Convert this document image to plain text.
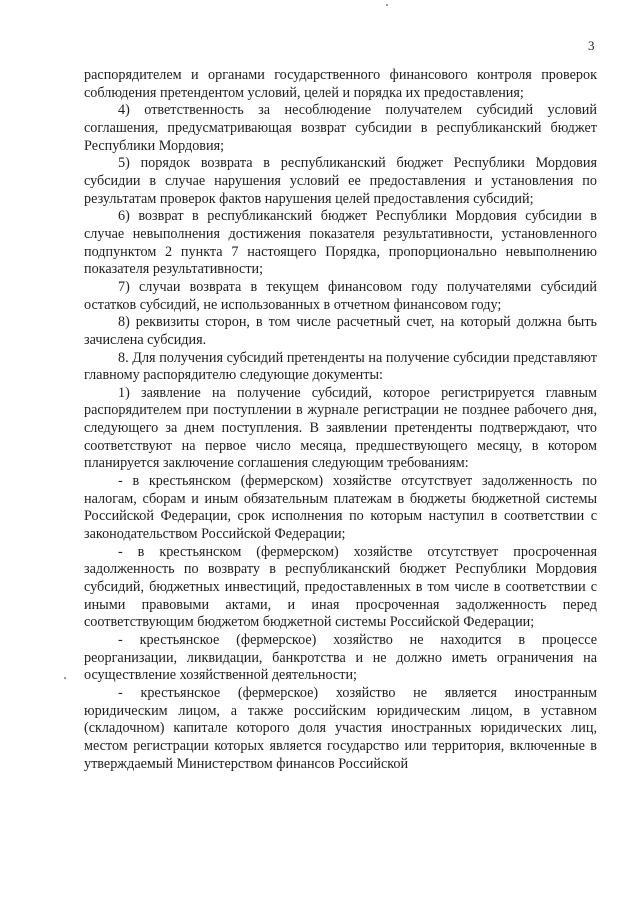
3

распорядителем и органами государственного финансового контроля проверок соблюдения претендентом условий, целей и порядка их предоставления;

4) ответственность за несоблюдение получателем субсидий условий соглашения, предусматривающая возврат субсидии в республиканский бюджет Республики Мордовия;

5) порядок возврата в республиканский бюджет Республики Мордовия субсидии в случае нарушения условий ее предоставления и установления по результатам проверок фактов нарушения целей предоставления субсидий;

6) возврат в республиканский бюджет Республики Мордовия субсидии в случае невыполнения достижения показателя результативности, установленного подпунктом 2 пункта 7 настоящего Порядка, пропорционально невыполнению показателя результативности;

7) случаи возврата в текущем финансовом году получателями субсидий остатков субсидий, не использованных в отчетном финансовом году;

8) реквизиты сторон, в том числе расчетный счет, на который должна быть зачислена субсидия.

8. Для получения субсидий претенденты на получение субсидии представляют главному распорядителю следующие документы:

1) заявление на получение субсидий, которое регистрируется главным распорядителем при поступлении в журнале регистрации не позднее рабочего дня, следующего за днем поступления. В заявлении претенденты подтверждают, что соответствуют на первое число месяца, предшествующего месяцу, в котором планируется заключение соглашения следующим требованиям:

- в крестьянском (фермерском) хозяйстве отсутствует задолженность по налогам, сборам и иным обязательным платежам в бюджеты бюджетной системы Российской Федерации, срок исполнения по которым наступил в соответствии с законодательством Российской Федерации;

- в крестьянском (фермерском) хозяйстве отсутствует просроченная задолженность по возврату в республиканский бюджет Республики Мордовия субсидий, бюджетных инвестиций, предоставленных в том числе в соответствии с иными правовыми актами, и иная просроченная задолженность перед соответствующим бюджетом бюджетной системы Российской Федерации;

- крестьянское (фермерское) хозяйство не находится в процессе реорганизации, ликвидации, банкротства и не должно иметь ограничения на осуществление хозяйственной деятельности;

- крестьянское (фермерское) хозяйство не является иностранным юридическим лицом, а также российским юридическим лицом, в уставном (складочном) капитале которого доля участия иностранных юридических лиц, местом регистрации которых является государство или территория, включенные в утверждаемый Министерством финансов Российской
